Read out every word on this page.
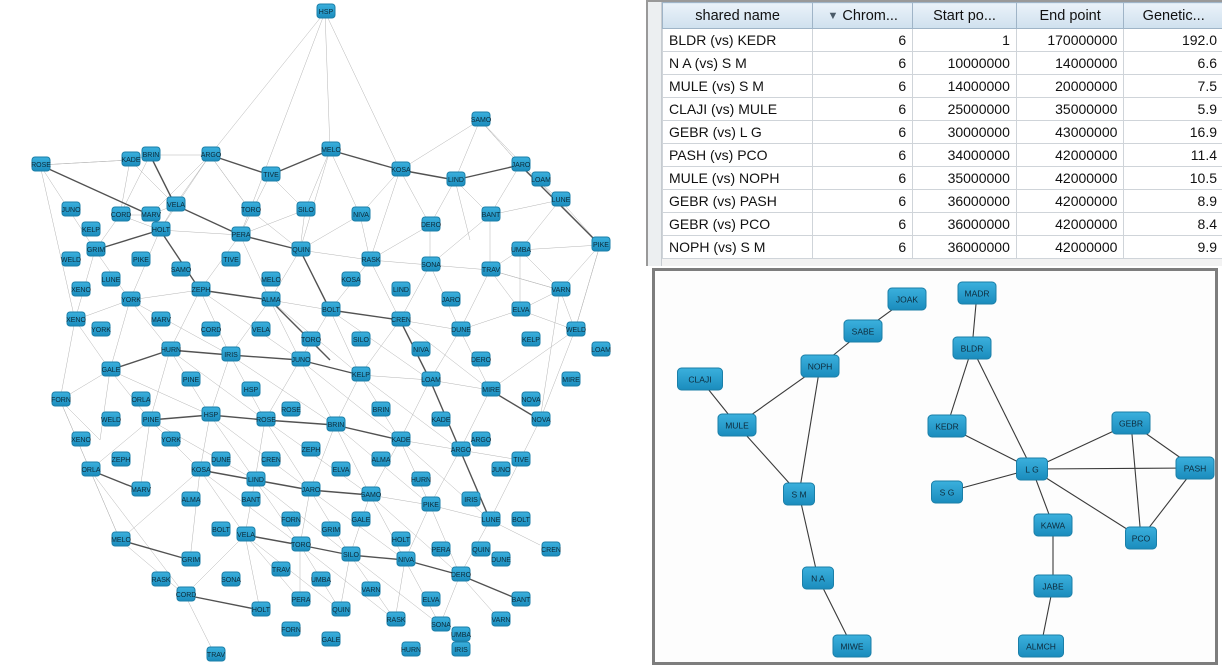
HSP
ROSE
BRIN
KADE
ARGO
TIVE
MELO
KOSA
LIND
JARO
SAMO
PIKE
LUNE
MARV
CORD
VELA
TORO	SILO
NIVA
DERO
BANT
GRIM
HOLT
PERA
QUIN
RASK
SONA
TRAV
UMBA
VARN
WELD
XENO
YORK
ZEPH
ALMA
BOLT
CREN
DUNE
ELVA
FORN
GALE
HURN
IRIS
JUNO
KELP
LOAM
MIRE
NOVA
ORLA
PINE
HSP
ROSE
BRIN
KADE
ARGO
TIVE
MELO
KOSA
LIND
JARO
SAMO
PIKE
LUNE
MARV
CORD
VELA
TORO
SILO
NIVA
DERO
BANT
GRIM
HOLT
PERA
QUIN
RASK
SONA
TRAV
UMBA
VARN
WELD
XENO
YORK
ZEPH
ALMA
BOLT
CREN
DUNE
ELVA
FORN	GALE
HURN
IRIS
JUNO
KELP
LOAM
MIRE
NOVA
ORLA
PINE
HSP
ROSE	BRIN
KADE
ARGO
TIVE
MELO	KOSA
LIND
JARO
SAMO
PIKE
LUNE
MARV
CORD	VELA
TORO	SILO
NIVA
DERO
BANT
GRIM
HOLT
PERA	QUIN
RASK	SONA
TRAV
UMBA
VARN
WELD
XENO	YORK
ZEPH
ALMA
BOLT
CREN
DUNE
ELVA
FORN
GALE
HURN	IRIS
JUNO
KELP
LOAM
shared name	▼ Chrom...	Start po...	End point	Genetic...
BLDR (vs) KEDR	6	1	170000000	192.0
N A (vs) S M	6	10000000	14000000	6.6
MULE (vs) S M	6	14000000	20000000	7.5
CLAJI (vs) MULE	6	25000000	35000000	5.9
GEBR (vs) L G	6	30000000	43000000	16.9
PASH (vs) PCO	6	34000000	42000000	11.4
MULE (vs) NOPH	6	35000000	42000000	10.5
GEBR (vs) PASH	6	36000000	42000000	8.9
GEBR (vs) PCO	6	36000000	42000000	8.4
NOPH (vs) S M	6	36000000	42000000	9.9
JOAK
MADR
SABE
BLDR
NOPH
CLAJI
GEBR
KEDR
MULE
L G	PASH
S G
S M
KAWA
PCO
JABE
N A
ALMCH
MIWE
